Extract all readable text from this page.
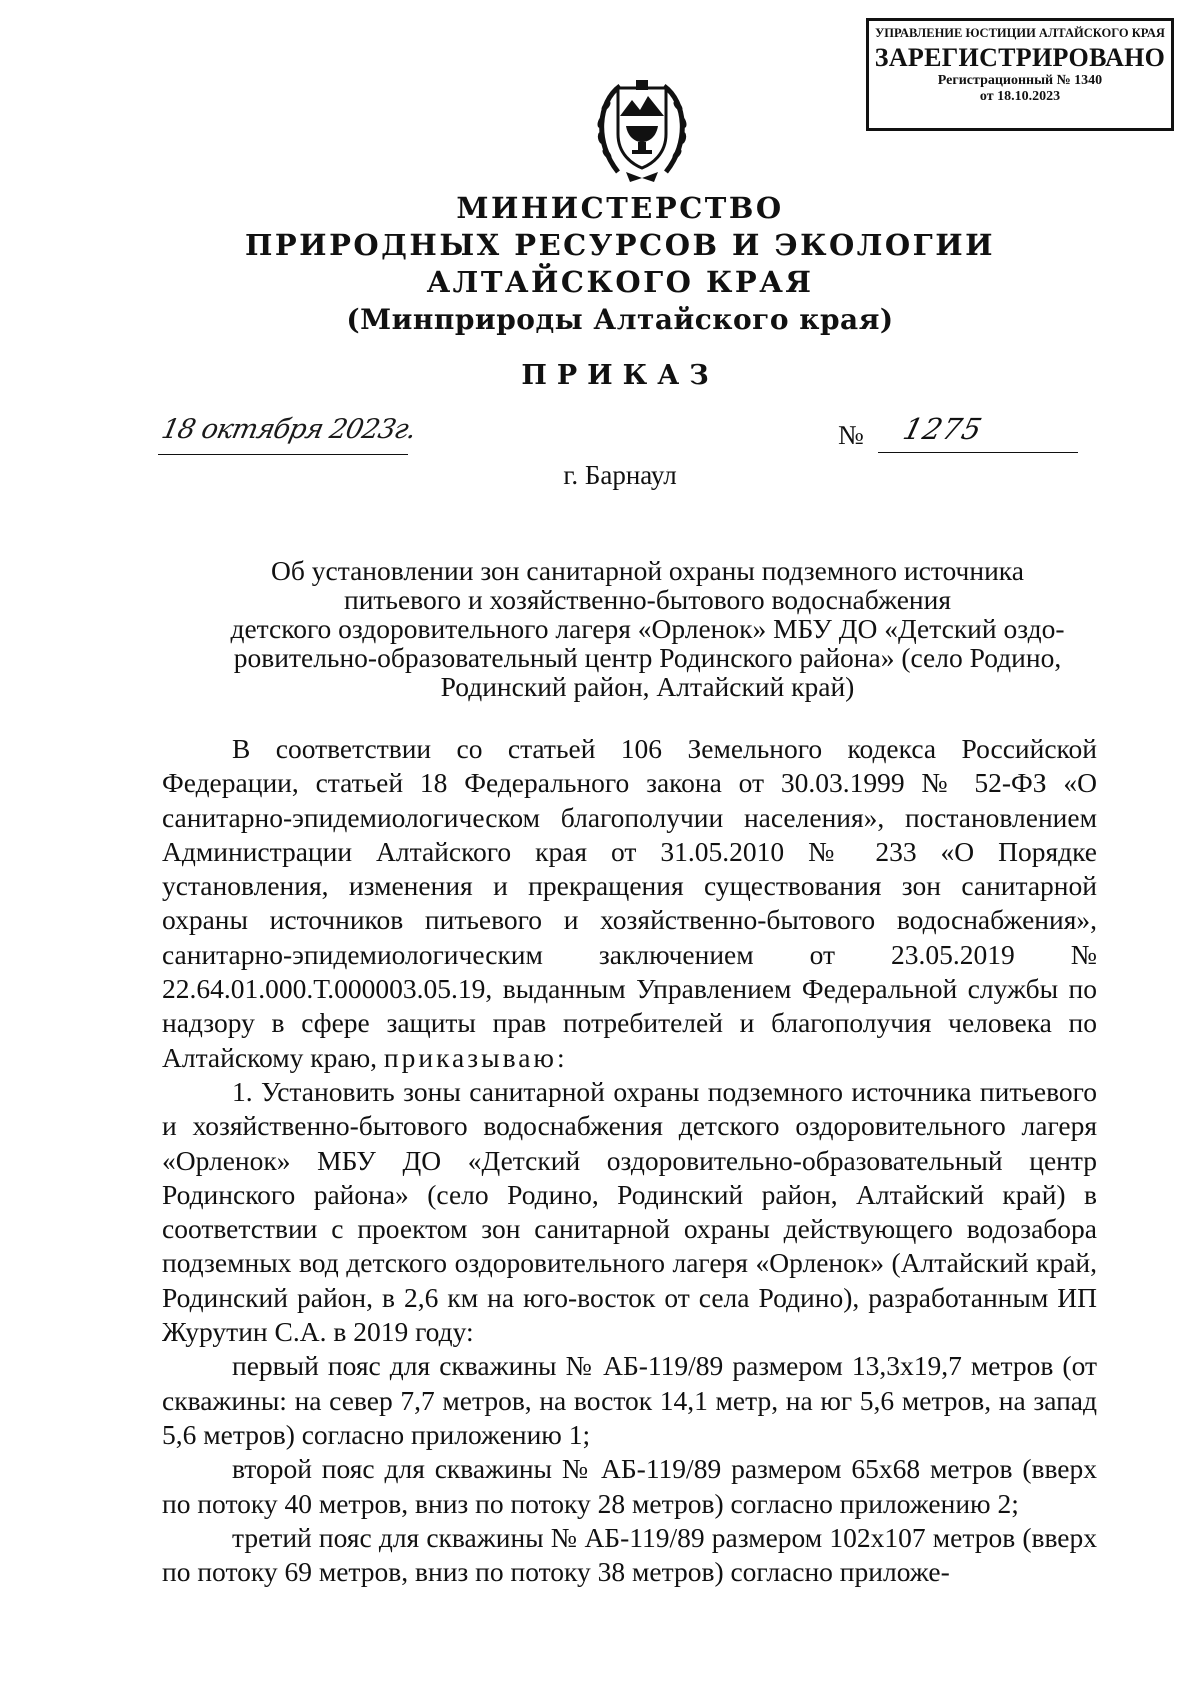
УПРАВЛЕНИЕ ЮСТИЦИИ АЛТАЙСКОГО КРАЯ
ЗАРЕГИСТРИРОВАНО
Регистрационный № 1340
от 18.10.2023
МИНИСТЕРСТВО
ПРИРОДНЫХ РЕСУРСОВ И ЭКОЛОГИИ
АЛТАЙСКОГО КРАЯ
(Минприроды Алтайского края)
ПРИКАЗ
18 октября 2023г.	№ 1275
г. Барнаул
Об установлении зон санитарной охраны подземного источника
питьевого и хозяйственно-бытового водоснабжения
детского оздоровительного лагеря «Орленок» МБУ ДО «Детский оздо-
ровительно-образовательный центр Родинского района» (село Родино,
Родинский район, Алтайский край)

В соответствии со статьей 106 Земельного кодекса Российской Федерации, статьей 18 Федерального закона от 30.03.1999 № 52-ФЗ «О санитарно-эпидемиологическом благополучии населения», постановлением Администрации Алтайского края от 31.05.2010 № 233 «О Порядке установления, изменения и прекращения существования зон санитарной охраны источников питьевого и хозяйственно-бытового водоснабжения», санитарно-эпидемиологическим заключением от 23.05.2019 № 22.64.01.000.Т.000003.05.19, выданным Управлением Федеральной службы по надзору в сфере защиты прав потребителей и благополучия человека по Алтайскому краю, приказываю:

1. Установить зоны санитарной охраны подземного источника питьевого и хозяйственно-бытового водоснабжения детского оздоровительного лагеря «Орленок» МБУ ДО «Детский оздоровительно-образовательный центр Родинского района» (село Родино, Родинский район, Алтайский край) в соответствии с проектом зон санитарной охраны действующего водозабора подземных вод детского оздоровительного лагеря «Орленок» (Алтайский край, Родинский район, в 2,6 км на юго-восток от села Родино), разработанным ИП Журутин С.А. в 2019 году:

первый пояс для скважины № АБ-119/89 размером 13,3х19,7 метров (от скважины: на север 7,7 метров, на восток 14,1 метр, на юг 5,6 метров, на запад 5,6 метров) согласно приложению 1;

второй пояс для скважины № АБ-119/89 размером 65х68 метров (вверх по потоку 40 метров, вниз по потоку 28 метров) согласно приложению 2;

третий пояс для скважины № АБ-119/89 размером 102х107 метров (вверх по потоку 69 метров, вниз по потоку 38 метров) согласно приложе-
